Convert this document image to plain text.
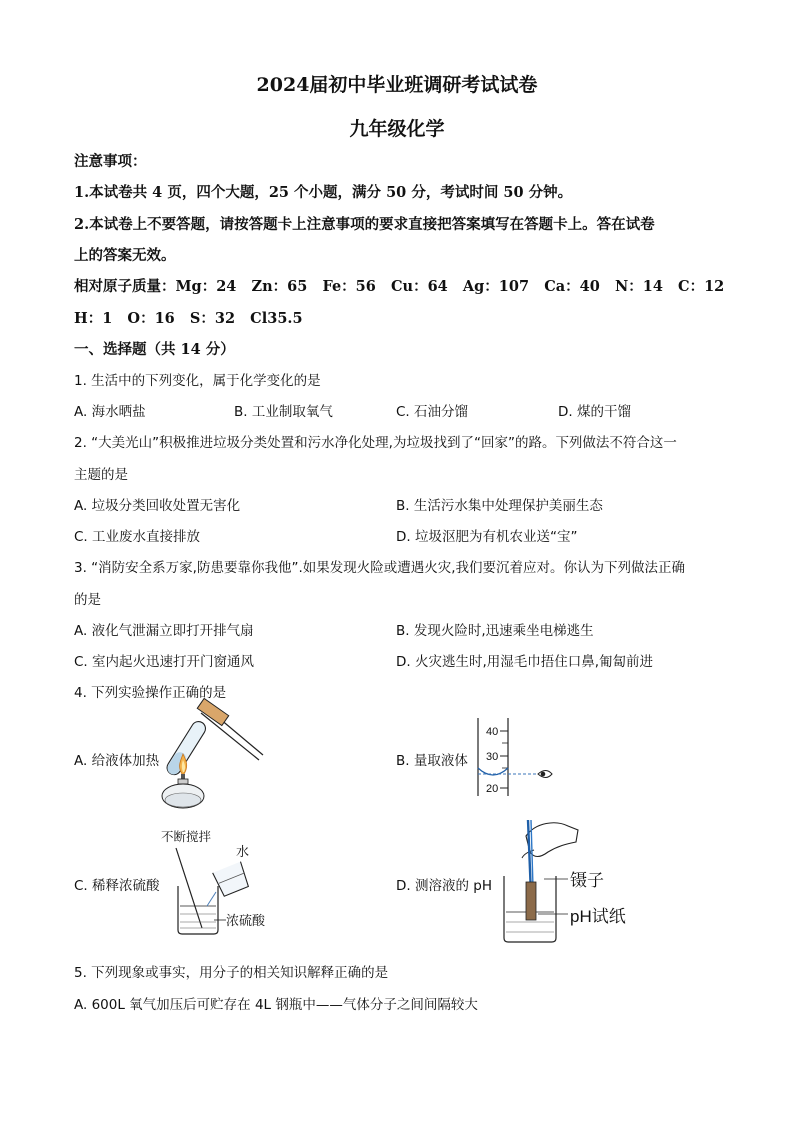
2024届初中毕业班调研考试试卷
九年级化学
注意事项：
1.本试卷共 4 页，四个大题，25 个小题，满分 50 分，考试时间 50 分钟。
2.本试卷上不要答题，请按答题卡上注意事项的要求直接把答案填写在答题卡上。答在试卷
上的答案无效。
相对原子质量：Mg：24   Zn：65   Fe：56   Cu：64   Ag：107   Ca：40   N：14   C：12
H：1   O：16   S：32   Cl35.5
一、选择题（共 14 分）
1. 生活中的下列变化，属于化学变化的是
A. 海水晒盐	B. 工业制取氧气	C. 石油分馏	D. 煤的干馏
2. “大美光山”积极推进垃圾分类处置和污水净化处理,为垃圾找到了“回家”的路。下列做法不符合这一
主题的是
A. 垃圾分类回收处置无害化	B. 生活污水集中处理保护美丽生态
C. 工业废水直接排放	D. 垃圾沤肥为有机农业送“宝”
3. “消防安全系万家,防患要靠你我他”.如果发现火险或遭遇火灾,我们要沉着应对。你认为下列做法正确
的是
A. 液化气泄漏立即打开排气扇	B. 发现火险时,迅速乘坐电梯逃生
C. 室内起火迅速打开门窗通风	D. 火灾逃生时,用湿毛巾捂住口鼻,匍匐前进
4. 下列实验操作正确的是
A. 给液体加热	B. 量取液体
C. 稀释浓硫酸	D. 测溶液的 pH
40
30
20
不断搅拌
水
浓硫酸
镊子
pH试纸
5. 下列现象或事实，用分子的相关知识解释正确的是
A. 600L 氧气加压后可贮存在 4L 钢瓶中——气体分子之间间隔较大
